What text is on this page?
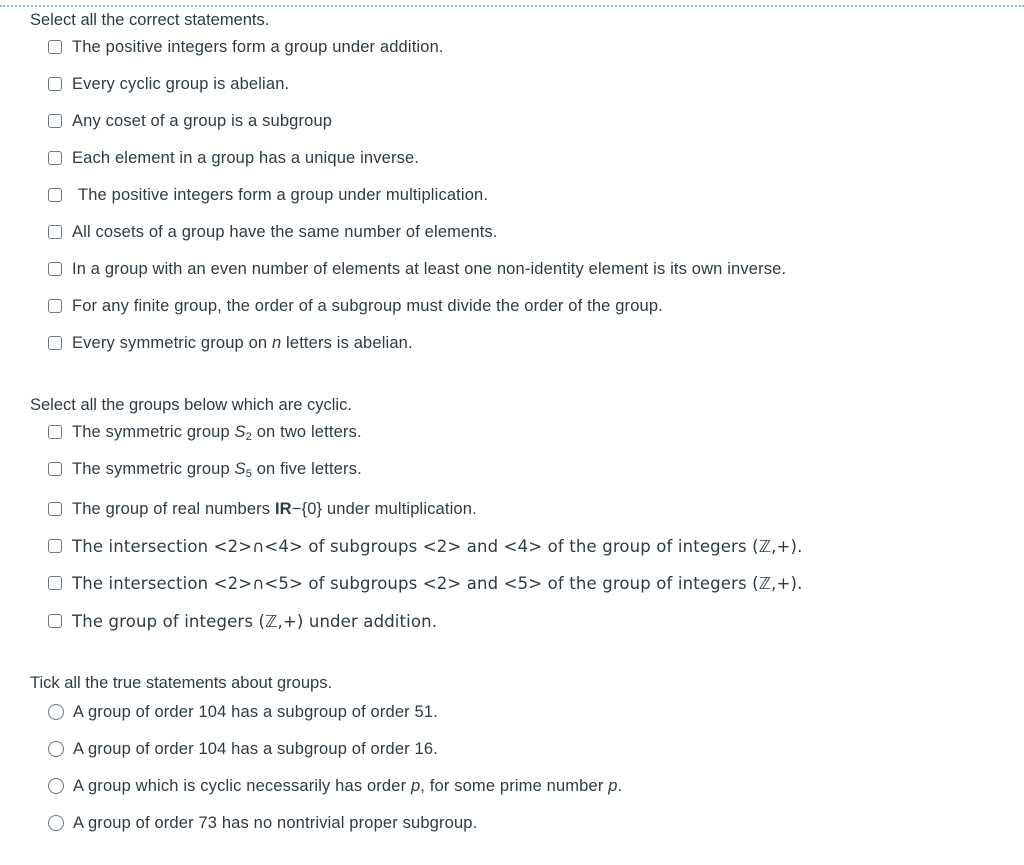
Select all the correct statements.

The positive integers form a group under addition.
Every cyclic group is abelian.
Any coset of a group is a subgroup
Each element in a group has a unique inverse.
The positive integers form a group under multiplication.
All cosets of a group have the same number of elements.
In a group with an even number of elements at least one non-identity element is its own inverse.
For any finite group, the order of a subgroup must divide the order of the group.
Every symmetric group on n letters is abelian.

Select all the groups below which are cyclic.

The symmetric group $S_2$ on two letters.
The symmetric group $S_5$ on five letters.
The group of real numbers IR−{0} under multiplication.
The intersection <2>∩<4> of subgroups <2> and <4> of the group of integers (ℤ,+).
The intersection <2>∩<5> of subgroups <2> and <5> of the group of integers (ℤ,+).
The group of integers (ℤ,+) under addition.

Tick all the true statements about groups.

A group of order 104 has a subgroup of order 51.
A group of order 104 has a subgroup of order 16.
A group which is cyclic necessarily has order p, for some prime number p.
A group of order 73 has no nontrivial proper subgroup.
